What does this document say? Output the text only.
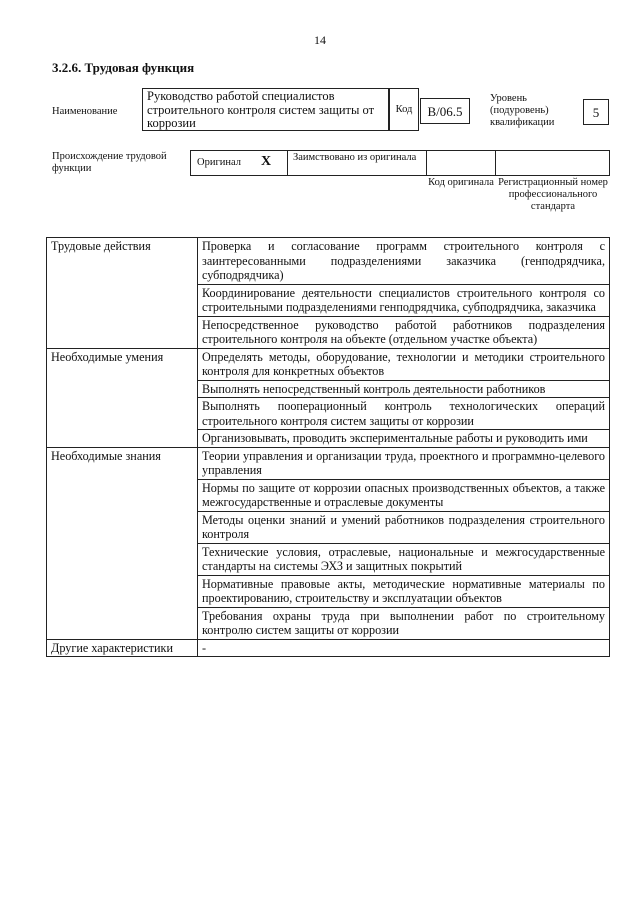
14
3.2.6. Трудовая функция
Наименование
Руководство работой специалистов строительного контроля систем защиты от коррозии
Код	B/06.5
Уровень (подуровень) квалификации
5
Происхождение трудовой функции
Оригинал X Заимствовано из оригинала
Код оригинала Регистрационный номер профессионального стандарта
Трудовые действия	Проверка и согласование программ строительного контроля с заинтересованными подразделениями заказчика (генподрядчика, субподрядчика)
	Координирование деятельности специалистов строительного контроля со строительными подразделениями генподрядчика, субподрядчика, заказчика
	Непосредственное руководство работой работников подразделения строительного контроля на объекте (отдельном участке объекта)
Необходимые умения	Определять методы, оборудование, технологии и методики строительного контроля для конкретных объектов
	Выполнять непосредственный контроль деятельности работников
	Выполнять пооперационный контроль технологических операций строительного контроля систем защиты от коррозии
	Организовывать, проводить экспериментальные работы и руководить ими
Необходимые знания	Теории управления и организации труда, проектного и программно-целевого управления
	Нормы по защите от коррозии опасных производственных объектов, а также межгосударственные и отраслевые документы
	Методы оценки знаний и умений работников подразделения строительного контроля
	Технические условия, отраслевые, национальные и межгосударственные стандарты на системы ЭХЗ и защитных покрытий
	Нормативные правовые акты, методические нормативные материалы по проектированию, строительству и эксплуатации объектов
	Требования охраны труда при выполнении работ по строительному контролю систем защиты от коррозии
Другие характеристики	-
